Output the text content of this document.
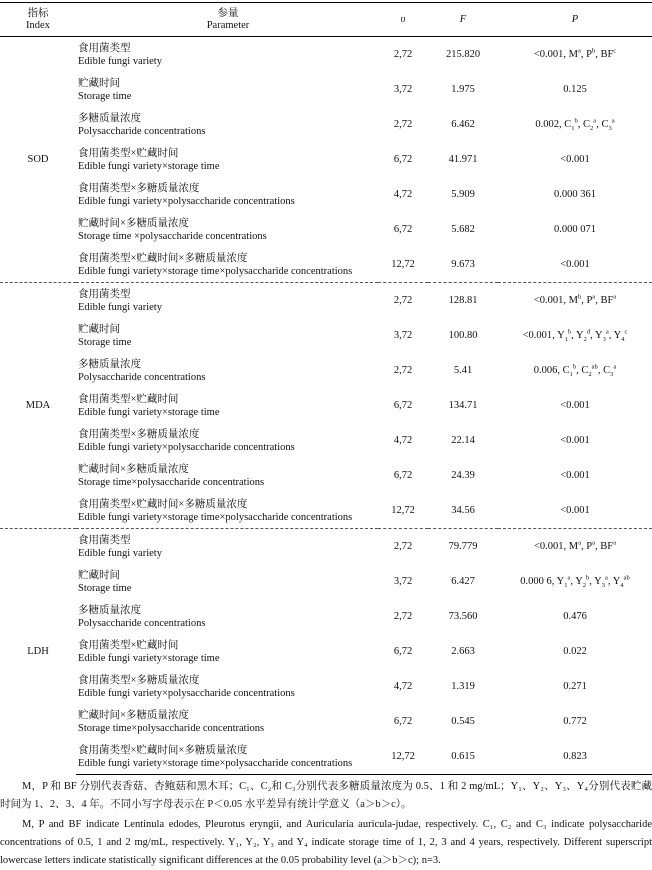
指标
Index	参量
Parameter	υ	F	P
SOD	食用菌类型
Edible fungi variety	2,72	215.820	<0.001, $M^a$, $P^b$, $BF^c$
	贮藏时间
Storage time	3,72	1.975	0.125
	多糖质量浓度
Polysaccharide concentrations	2,72	6.462	0.002, $C_1^b$, $C_2^a$, $C_3^a$
	食用菌类型×贮藏时间
Edible fungi variety×storage time	6,72	41.971	<0.001
	食用菌类型×多糖质量浓度
Edible fungi variety×polysaccharide concentrations	4,72	5.909	0.000 361
	贮藏时间×多糖质量浓度
Storage time ×polysaccharide concentrations	6,72	5.682	0.000 071
	食用菌类型×贮藏时间×多糖质量浓度
Edible fungi variety×storage time×polysaccharide concentrations	12,72	9.673	<0.001
MDA	食用菌类型
Edible fungi variety	2,72	128.81	<0.001, $M^b$, $P^a$, $BF^a$
	贮藏时间
Storage time	3,72	100.80	<0.001, $Y_1^b$, $Y_2^d$, $Y_3^a$, $Y_4^c$
	多糖质量浓度
Polysaccharide concentrations	2,72	5.41	0.006, $C_1^b$, $C_2^{ab}$, $C_3^a$
	食用菌类型×贮藏时间
Edible fungi variety×storage time	6,72	134.71	<0.001
	食用菌类型×多糖质量浓度
Edible fungi variety×polysaccharide concentrations	4,72	22.14	<0.001
	贮藏时间×多糖质量浓度
Storage time×polysaccharide concentrations	6,72	24.39	<0.001
	食用菌类型×贮藏时间×多糖质量浓度
Edible fungi variety×storage time×polysaccharide concentrations	12,72	34.56	<0.001
LDH	食用菌类型
Edible fungi variety	2,72	79.779	<0.001, $M^a$, $P^a$, $BF^a$
	贮藏时间
Storage time	3,72	6.427	0.000 6, $Y_1^a$, $Y_2^b$, $Y_3^a$, $Y_4^{ab}$
	多糖质量浓度
Polysaccharide concentrations	2,72	73.560	0.476
	食用菌类型×贮藏时间
Edible fungi variety×storage time	6,72	2.663	0.022
	食用菌类型×多糖质量浓度
Edible fungi variety×polysaccharide concentrations	4,72	1.319	0.271
	贮藏时间×多糖质量浓度
Storage time×polysaccharide concentrations	6,72	0.545	0.772
	食用菌类型×贮藏时间×多糖质量浓度
Edible fungi variety×storage time×polysaccharide concentrations	12,72	0.615	0.823

M，P 和 BF 分别代表香菇、杏鲍菇和黑木耳；C₁、C₂和 C₃分别代表多糖质量浓度为 0.5、1 和 2 mg/mL；Y₁、Y₂、Y₃、Y₄分别代表贮藏时间为 1、2、3、4 年。不同小写字母表示在 P＜0.05 水平差异有统计学意义（a＞b＞c）。

M, P and BF indicate Lentinula edodes, Pleurotus eryngii, and Auricularia auricula-judae, respectively. C₁, C₂ and C₃ indicate polysaccharide concentrations of 0.5, 1 and 2 mg/mL, respectively. Y₁, Y₂, Y₃ and Y₄ indicate storage time of 1, 2, 3 and 4 years, respectively. Different superscript lowercase letters indicate statistically significant differences at the 0.05 probability level (a＞b＞c); n=3.
